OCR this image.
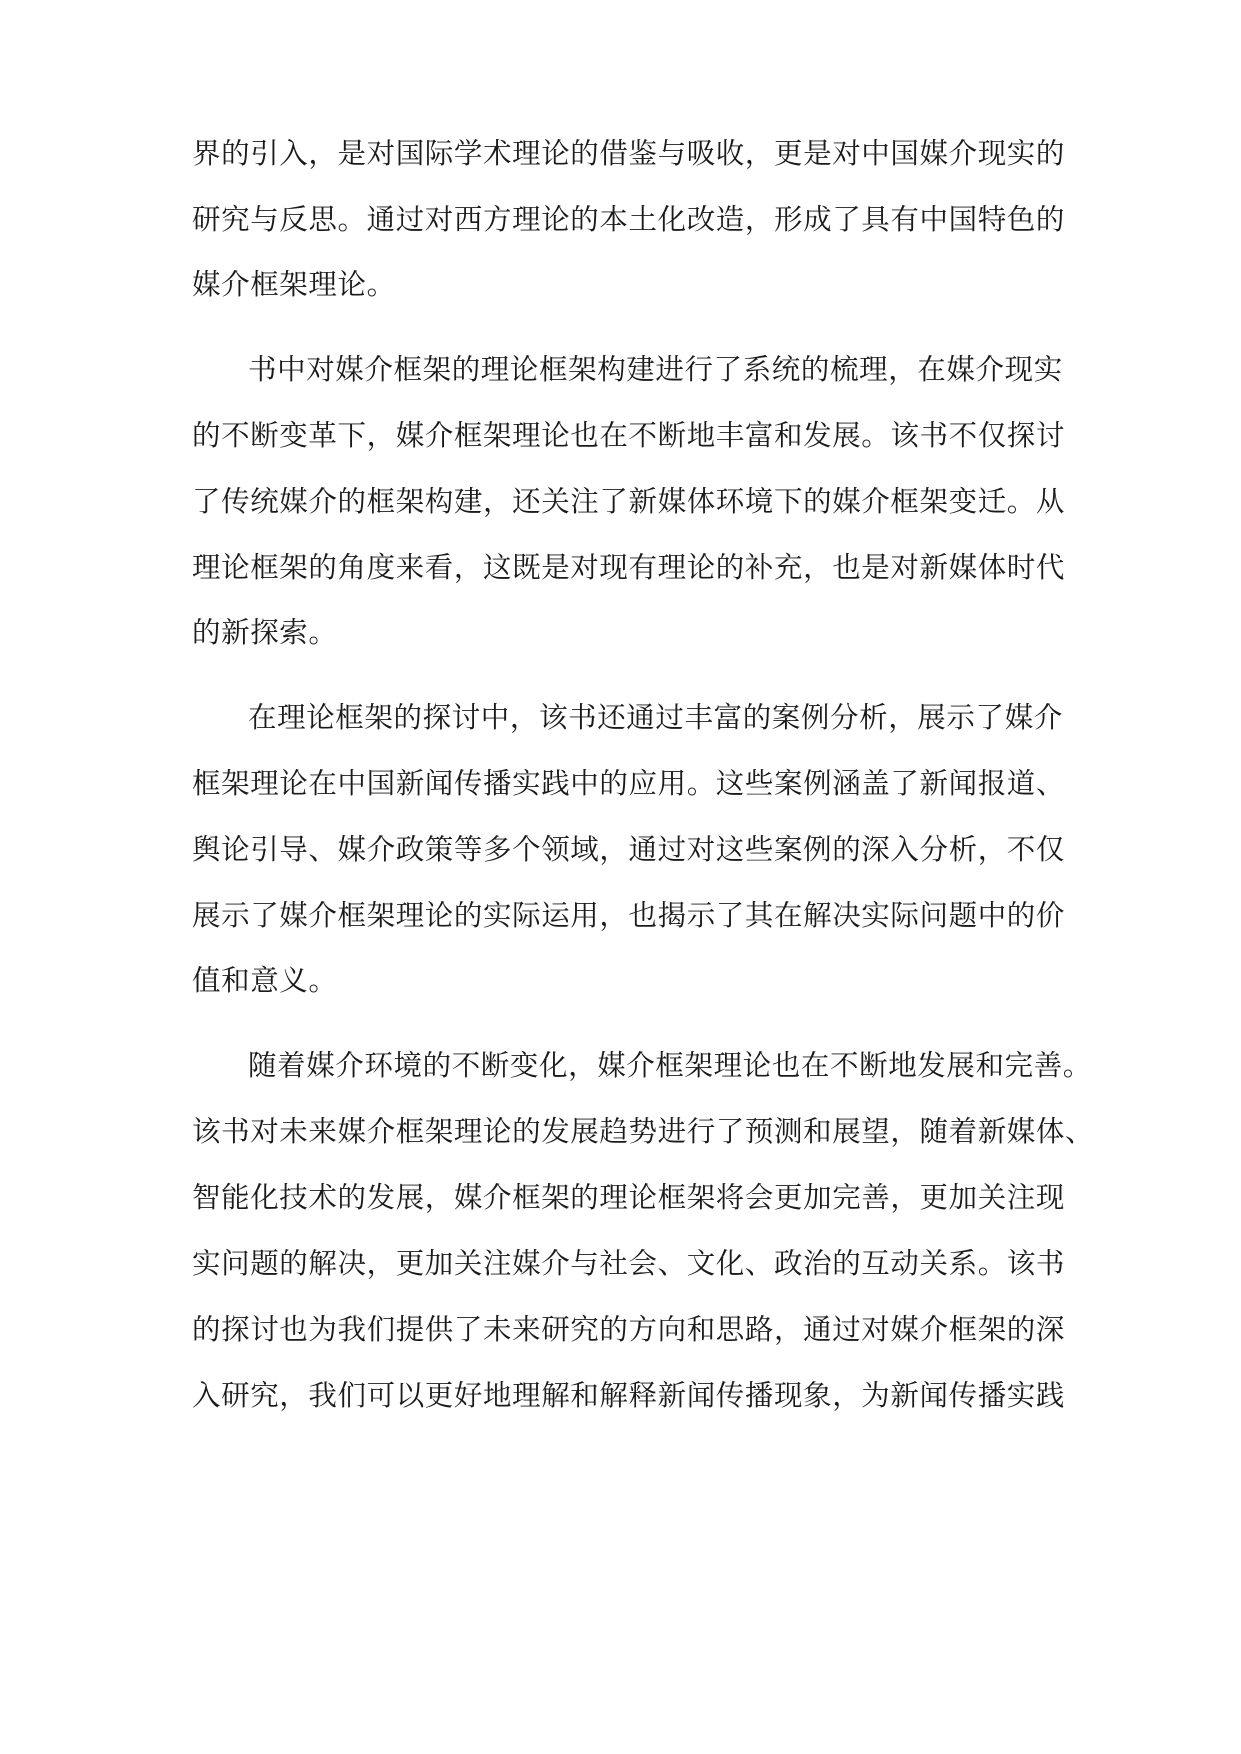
界的引入，是对国际学术理论的借鉴与吸收，更是对中国媒介现实的
研究与反思。通过对西方理论的本土化改造，形成了具有中国特色的
媒介框架理论。
书中对媒介框架的理论框架构建进行了系统的梳理，在媒介现实
的不断变革下，媒介框架理论也在不断地丰富和发展。该书不仅探讨
了传统媒介的框架构建，还关注了新媒体环境下的媒介框架变迁。从
理论框架的角度来看，这既是对现有理论的补充，也是对新媒体时代
的新探索。
在理论框架的探讨中，该书还通过丰富的案例分析，展示了媒介
框架理论在中国新闻传播实践中的应用。这些案例涵盖了新闻报道、
舆论引导、媒介政策等多个领域，通过对这些案例的深入分析，不仅
展示了媒介框架理论的实际运用，也揭示了其在解决实际问题中的价
值和意义。
随着媒介环境的不断变化，媒介框架理论也在不断地发展和完善。
该书对未来媒介框架理论的发展趋势进行了预测和展望，随着新媒体、
智能化技术的发展，媒介框架的理论框架将会更加完善，更加关注现
实问题的解决，更加关注媒介与社会、文化、政治的互动关系。该书
的探讨也为我们提供了未来研究的方向和思路，通过对媒介框架的深
入研究，我们可以更好地理解和解释新闻传播现象，为新闻传播实践
